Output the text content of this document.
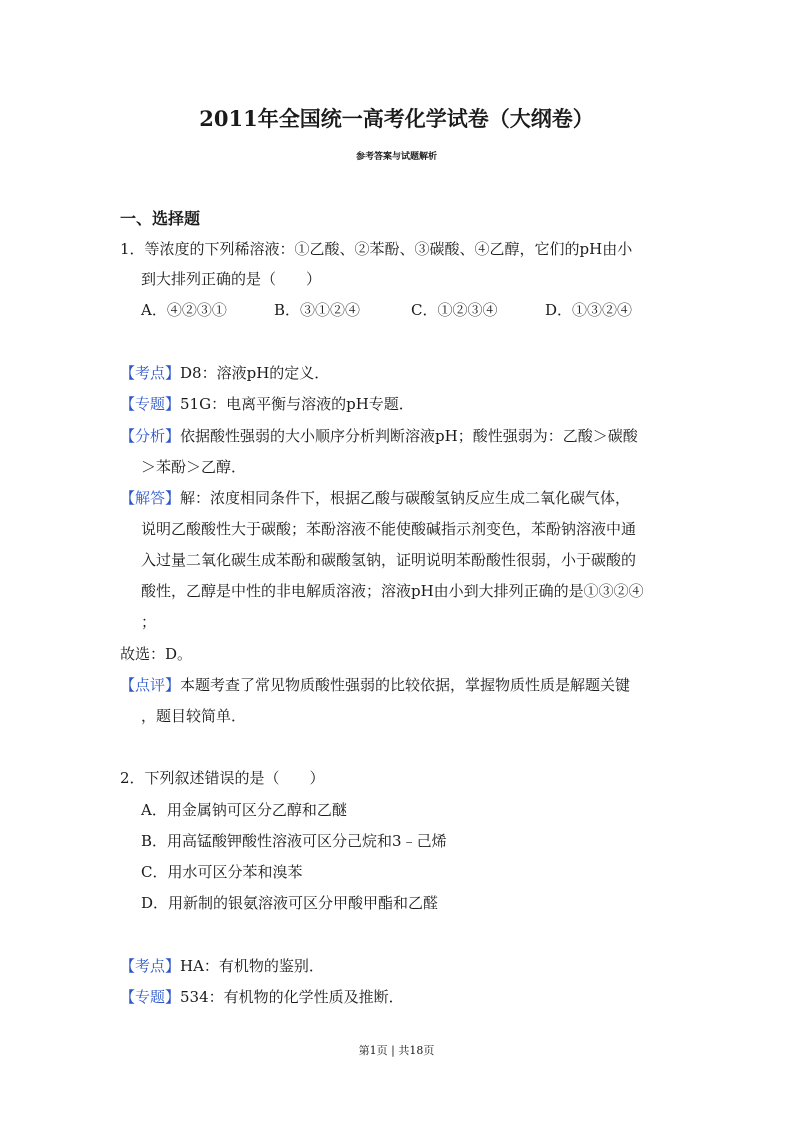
2011年全国统一高考化学试卷（大纲卷）
参考答案与试题解析
一、选择题
1．等浓度的下列稀溶液：①乙酸、②苯酚、③碳酸、④乙醇，它们的pH由小
到大排列正确的是（　　）
A．④②③①	B．③①②④	C．①②③④	D．①③②④
【考点】D8：溶液pH的定义．
【专题】51G：电离平衡与溶液的pH专题．
【分析】依据酸性强弱的大小顺序分析判断溶液pH；酸性强弱为：乙酸＞碳酸
＞苯酚＞乙醇．
【解答】解：浓度相同条件下，根据乙酸与碳酸氢钠反应生成二氧化碳气体，
说明乙酸酸性大于碳酸；苯酚溶液不能使酸碱指示剂变色，苯酚钠溶液中通
入过量二氧化碳生成苯酚和碳酸氢钠，证明说明苯酚酸性很弱，小于碳酸的
酸性，乙醇是中性的非电解质溶液；溶液pH由小到大排列正确的是①③②④
；
故选：D。
【点评】本题考查了常见物质酸性强弱的比较依据，掌握物质性质是解题关键
，题目较简单．
2．下列叙述错误的是（　　）
A．用金属钠可区分乙醇和乙醚
B．用高锰酸钾酸性溶液可区分己烷和3﹣己烯
C．用水可区分苯和溴苯
D．用新制的银氨溶液可区分甲酸甲酯和乙醛
【考点】HA：有机物的鉴别．
【专题】534：有机物的化学性质及推断．
第1页 | 共18页
